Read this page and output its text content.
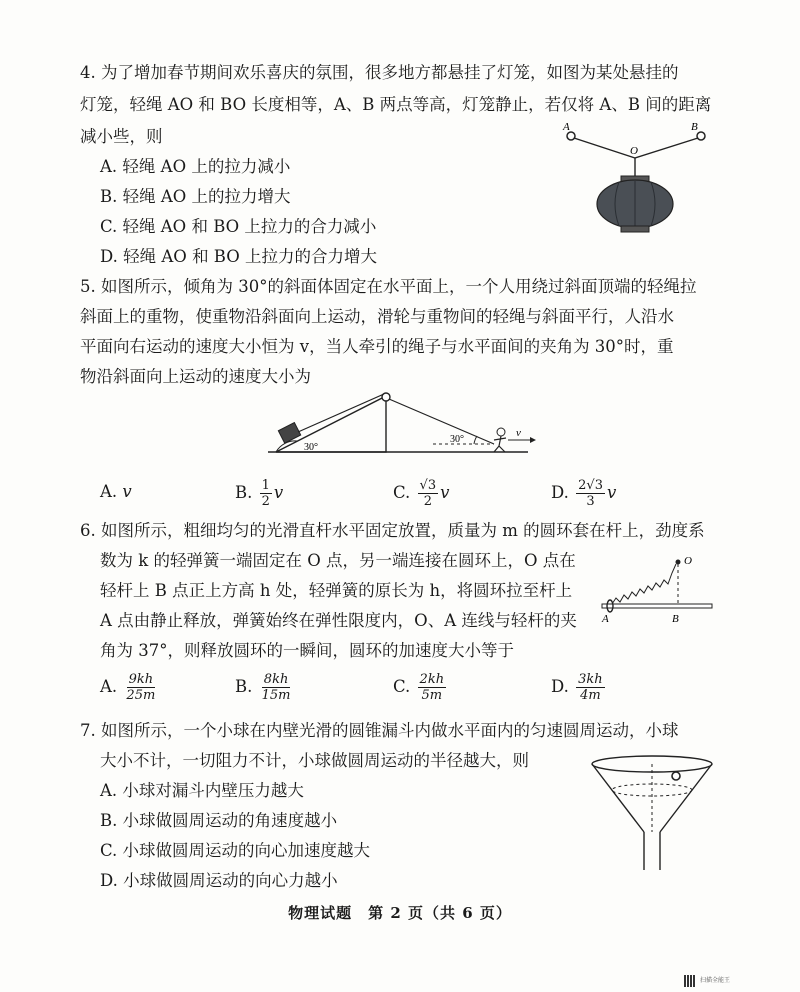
4. 为了增加春节期间欢乐喜庆的氛围，很多地方都悬挂了灯笼，如图为某处悬挂的
灯笼，轻绳 AO 和 BO 长度相等，A、B 两点等高，灯笼静止，若仅将 A、B 间的距离
减小些，则
A. 轻绳 AO 上的拉力减小
B. 轻绳 AO 上的拉力增大
C. 轻绳 AO 和 BO 上拉力的合力减小
D. 轻绳 AO 和 BO 上拉力的合力增大
A	B
O
5. 如图所示，倾角为 30°的斜面体固定在水平面上，一个人用绕过斜面顶端的轻绳拉
斜面上的重物，使重物沿斜面向上运动，滑轮与重物间的轻绳与斜面平行，人沿水
平面向右运动的速度大小恒为 v，当人牵引的绳子与水平面间的夹角为 30°时，重
物沿斜面向上运动的速度大小为
30°
30°
v
A. v	B. $\frac{1}{2}$ v	C. $\frac{√3}{2}$ v	D. $\frac{2√3}{3}$ v
6. 如图所示，粗细均匀的光滑直杆水平固定放置，质量为 m 的圆环套在杆上，劲度系
数为 k 的轻弹簧一端固定在 O 点，另一端连接在圆环上，O 点在
轻杆上 B 点正上方高 h 处，轻弹簧的原长为 h，将圆环拉至杆上
A 点由静止释放，弹簧始终在弹性限度内，O、A 连线与轻杆的夹
角为 37°，则释放圆环的一瞬间，圆环的加速度大小等于
O
A	B
A. $\frac{9kh}{25m}$	B. $\frac{8kh}{15m}$	C. $\frac{2kh}{5m}$	D. $\frac{3kh}{4m}$
7. 如图所示，一个小球在内壁光滑的圆锥漏斗内做水平面内的匀速圆周运动，小球
大小不计，一切阻力不计，小球做圆周运动的半径越大，则
A. 小球对漏斗内壁压力越大
B. 小球做圆周运动的角速度越小
C. 小球做圆周运动的向心加速度越大
D. 小球做圆周运动的向心力越小
物理试题　第 2 页（共 6 页）
扫描全能王
